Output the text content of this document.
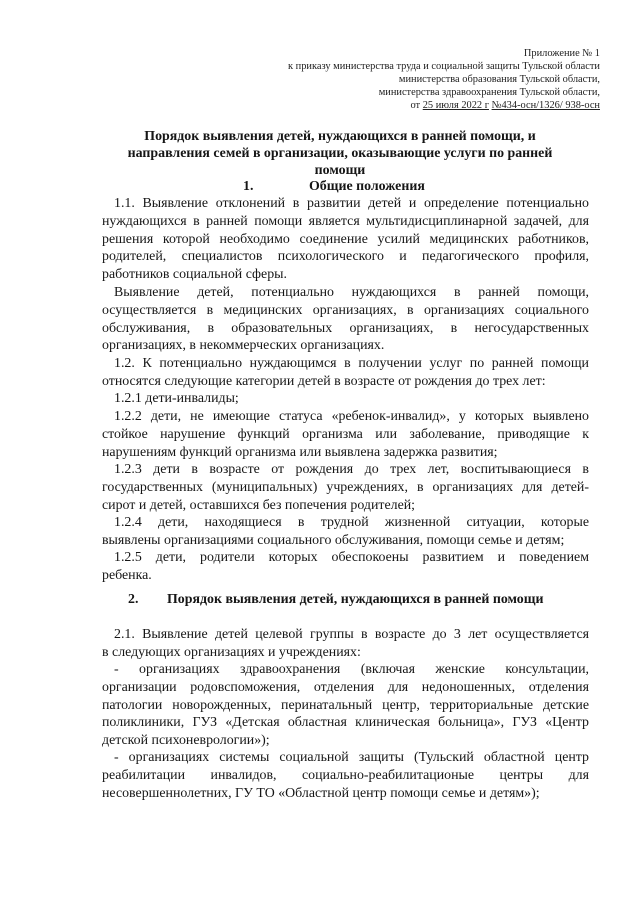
Приложение № 1
к приказу министерства труда и социальной защиты Тульской области
министерства образования Тульской области,
министерства здравоохранения Тульской области,
от 25 июля 2022 г №434-осн/1326/ 938-осн
Порядок выявления детей, нуждающихся в ранней помощи, и
направления семей в организации, оказывающие услуги по ранней
помощи
1.	Общие положения
1.1. Выявление отклонений в развитии детей и определение потенциально
нуждающихся в ранней помощи является мультидисциплинарной задачей, для
решения которой необходимо соединение усилий медицинских работников,
родителей, специалистов психологического и педагогического профиля,
работников социальной сферы.
Выявление детей, потенциально нуждающихся в ранней помощи,
осуществляется в медицинских организациях, в организациях социального
обслуживания, в образовательных организациях, в негосударственных
организациях, в некоммерческих организациях.
1.2. К потенциально нуждающимся в получении услуг по ранней помощи
относятся следующие категории детей в возрасте от рождения до трех лет:
1.2.1 дети-инвалиды;
1.2.2 дети, не имеющие статуса «ребенок-инвалид», у которых выявлено
стойкое нарушение функций организма или заболевание, приводящие к
нарушениям функций организма или выявлена задержка развития;
1.2.3 дети в возрасте от рождения до трех лет, воспитывающиеся в
государственных (муниципальных) учреждениях, в организациях для детей-
сирот и детей, оставшихся без попечения родителей;
1.2.4 дети, находящиеся в трудной жизненной ситуации, которые
выявлены организациями социального обслуживания, помощи семье и детям;
1.2.5 дети, родители которых обеспокоены развитием и поведением
ребенка.
2. Порядок выявления детей, нуждающихся в ранней помощи
2.1. Выявление детей целевой группы в возрасте до 3 лет осуществляется
в следующих организациях и учреждениях:
- организациях здравоохранения (включая женские консультации,
организации родовспоможения, отделения для недоношенных, отделения
патологии новорожденных, перинатальный центр, территориальные детские
поликлиники, ГУЗ «Детская областная клиническая больница», ГУЗ «Центр
детской психоневрологии»);
- организациях системы социальной защиты (Тульский областной центр
реабилитации инвалидов, социально-реабилитационые центры для
несовершеннолетних, ГУ ТО «Областной центр помощи семье и детям»);
